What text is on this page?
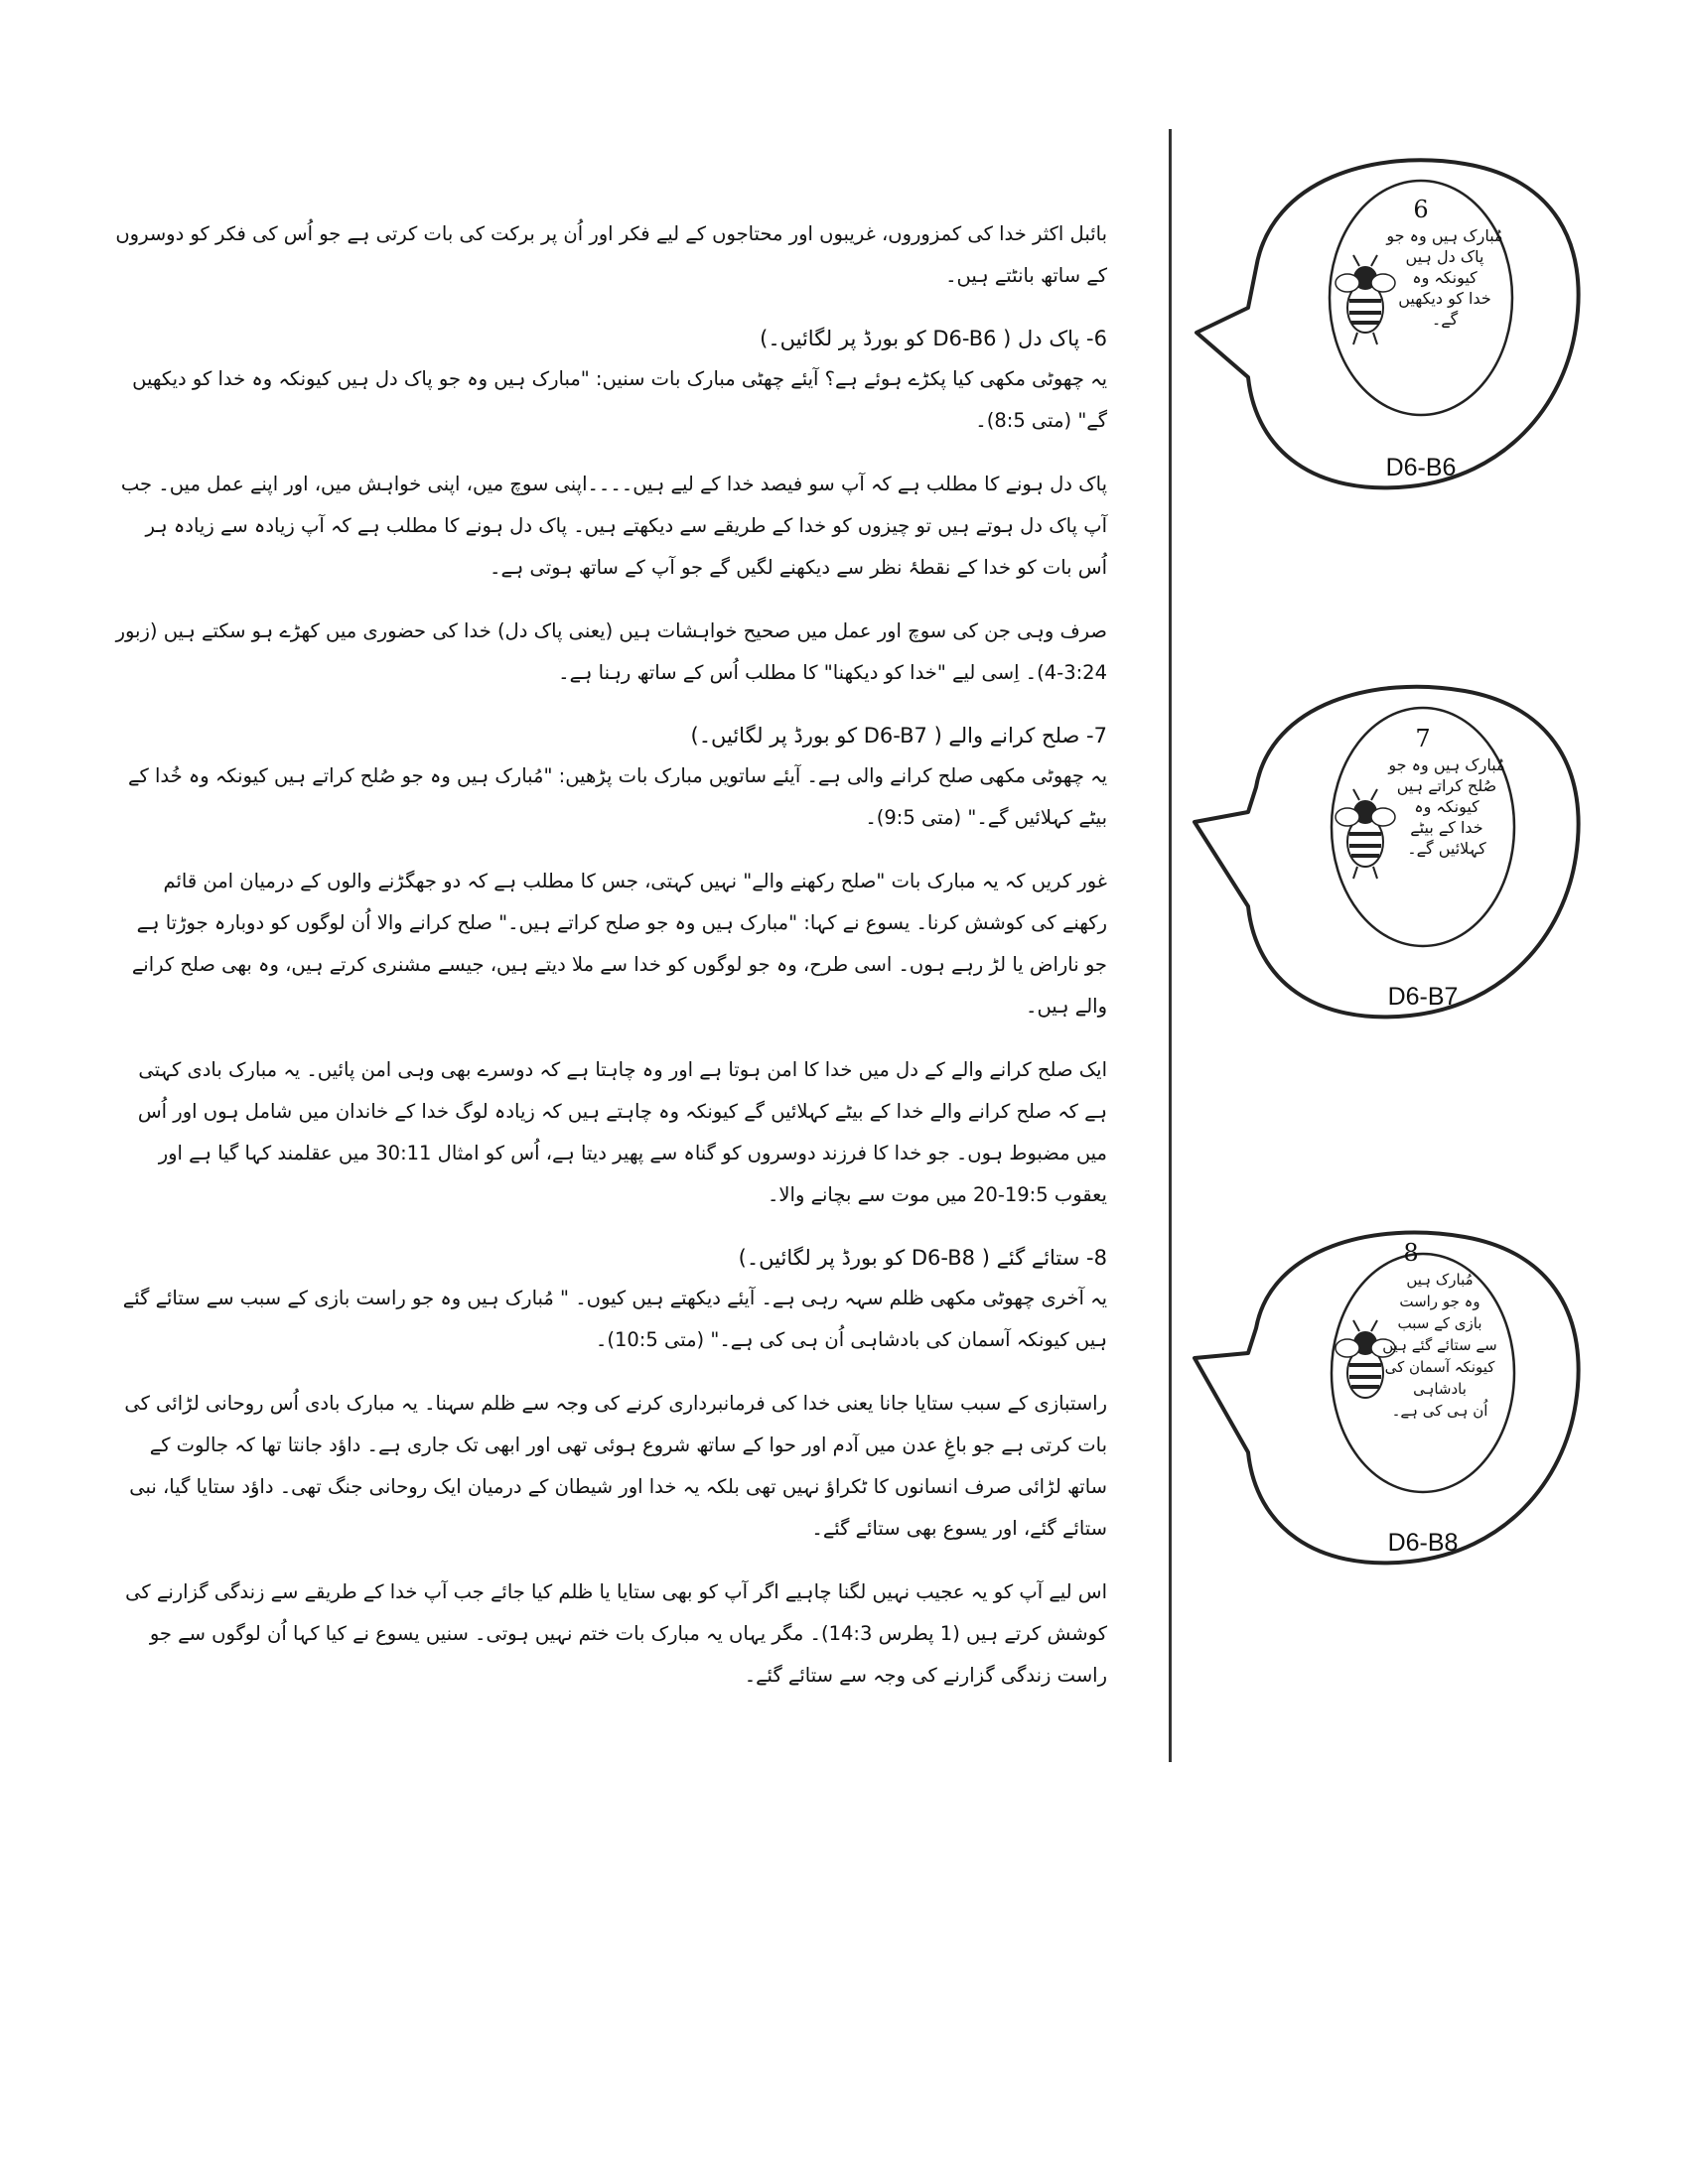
بائبل اکثر خدا کی کمزوروں، غریبوں اور محتاجوں کے لیے فکر اور اُن پر برکت کی بات کرتی ہے جو اُس کی فکر کو دوسروں کے ساتھ بانٹتے ہیں۔

6- پاک دل ( D6-B6 کو بورڈ پر لگائیں۔)

یہ چھوٹی مکھی کیا پکڑے ہوئے ہے؟ آیئے چھٹی مبارک بات سنیں: "مبارک ہیں وہ جو پاک دل ہیں کیونکہ وہ خدا کو دیکھیں گے" (متی 8:5)۔

پاک دل ہونے کا مطلب ہے کہ آپ سو فیصد خدا کے لیے ہیں۔۔۔۔اپنی سوچ میں، اپنی خواہش میں، اور اپنے عمل میں۔ جب آپ پاک دل ہوتے ہیں تو چیزوں کو خدا کے طریقے سے دیکھتے ہیں۔ پاک دل ہونے کا مطلب ہے کہ آپ زیادہ سے زیادہ ہر اُس بات کو خدا کے نقطۂ نظر سے دیکھنے لگیں گے جو آپ کے ساتھ ہوتی ہے۔

صرف وہی جن کی سوچ اور عمل میں صحیح خواہشات ہیں (یعنی پاک دل) خدا کی حضوری میں کھڑے ہو سکتے ہیں (زبور 3:24-4)۔ اِسی لیے "خدا کو دیکھنا" کا مطلب اُس کے ساتھ رہنا ہے۔

7- صلح کرانے والے ( D6-B7 کو بورڈ پر لگائیں۔)

یہ چھوٹی مکھی صلح کرانے والی ہے۔ آیئے ساتویں مبارک بات پڑھیں: "مُبارک ہیں وہ جو صُلح کراتے ہیں کیونکہ وہ خُدا کے بیٹے کہلائیں گے۔" (متی 9:5)۔

غور کریں کہ یہ مبارک بات "صلح رکھنے والے" نہیں کہتی، جس کا مطلب ہے کہ دو جھگڑنے والوں کے درمیان امن قائم رکھنے کی کوشش کرنا۔ یسوع نے کہا: "مبارک ہیں وہ جو صلح کراتے ہیں۔" صلح کرانے والا اُن لوگوں کو دوبارہ جوڑتا ہے جو ناراض یا لڑ رہے ہوں۔ اسی طرح، وہ جو لوگوں کو خدا سے ملا دیتے ہیں، جیسے مشنری کرتے ہیں، وہ بھی صلح کرانے والے ہیں۔

ایک صلح کرانے والے کے دل میں خدا کا امن ہوتا ہے اور وہ چاہتا ہے کہ دوسرے بھی وہی امن پائیں۔ یہ مبارک بادی کہتی ہے کہ صلح کرانے والے خدا کے بیٹے کہلائیں گے کیونکہ وہ چاہتے ہیں کہ زیادہ لوگ خدا کے خاندان میں شامل ہوں اور اُس میں مضبوط ہوں۔ جو خدا کا فرزند دوسروں کو گناہ سے پھیر دیتا ہے، اُس کو امثال 30:11 میں عقلمند کہا گیا ہے اور یعقوب 19:5-20 میں موت سے بچانے والا۔

8- ستائے گئے ( D6-B8 کو بورڈ پر لگائیں۔)

یہ آخری چھوٹی مکھی ظلم سہہ رہی ہے۔ آیئے دیکھتے ہیں کیوں۔ " مُبارک ہیں وہ جو راست بازی کے سبب سے ستائے گئے ہیں کیونکہ آسمان کی بادشاہی اُن ہی کی ہے۔" (متی 10:5)۔

راستبازی کے سبب ستایا جانا یعنی خدا کی فرمانبرداری کرنے کی وجہ سے ظلم سہنا۔ یہ مبارک بادی اُس روحانی لڑائی کی بات کرتی ہے جو باغِ عدن میں آدم اور حوا کے ساتھ شروع ہوئی تھی اور ابھی تک جاری ہے۔ داؤد جانتا تھا کہ جالوت کے ساتھ لڑائی صرف انسانوں کا ٹکراؤ نہیں تھی بلکہ یہ خدا اور شیطان کے درمیان ایک روحانی جنگ تھی۔ داؤد ستایا گیا، نبی ستائے گئے، اور یسوع بھی ستائے گئے۔

اس لیے آپ کو یہ عجیب نہیں لگنا چاہیے اگر آپ کو بھی ستایا یا ظلم کیا جائے جب آپ خدا کے طریقے سے زندگی گزارنے کی کوشش کرتے ہیں (1 پطرس 14:3)۔ مگر یہاں یہ مبارک بات ختم نہیں ہوتی۔ سنیں یسوع نے کیا کہا اُن لوگوں سے جو راست زندگی گزارنے کی وجہ سے ستائے گئے۔

6
مُبارک ہیں وہ جو
پاک دل ہیں
کیونکہ وہ
خدا کو دیکھیں
گے۔
D6-B6
7
مُبارک ہیں وہ جو
صُلح کراتے ہیں
کیونکہ وہ
خدا کے بیٹے
کہلائیں گے۔
D6-B7
8
مُبارک ہیں
وہ جو راست
بازی کے سبب
سے ستائے گئے ہیں
کیونکہ آسمان کی بادشاہی
اُن ہی کی ہے۔
D6-B8
